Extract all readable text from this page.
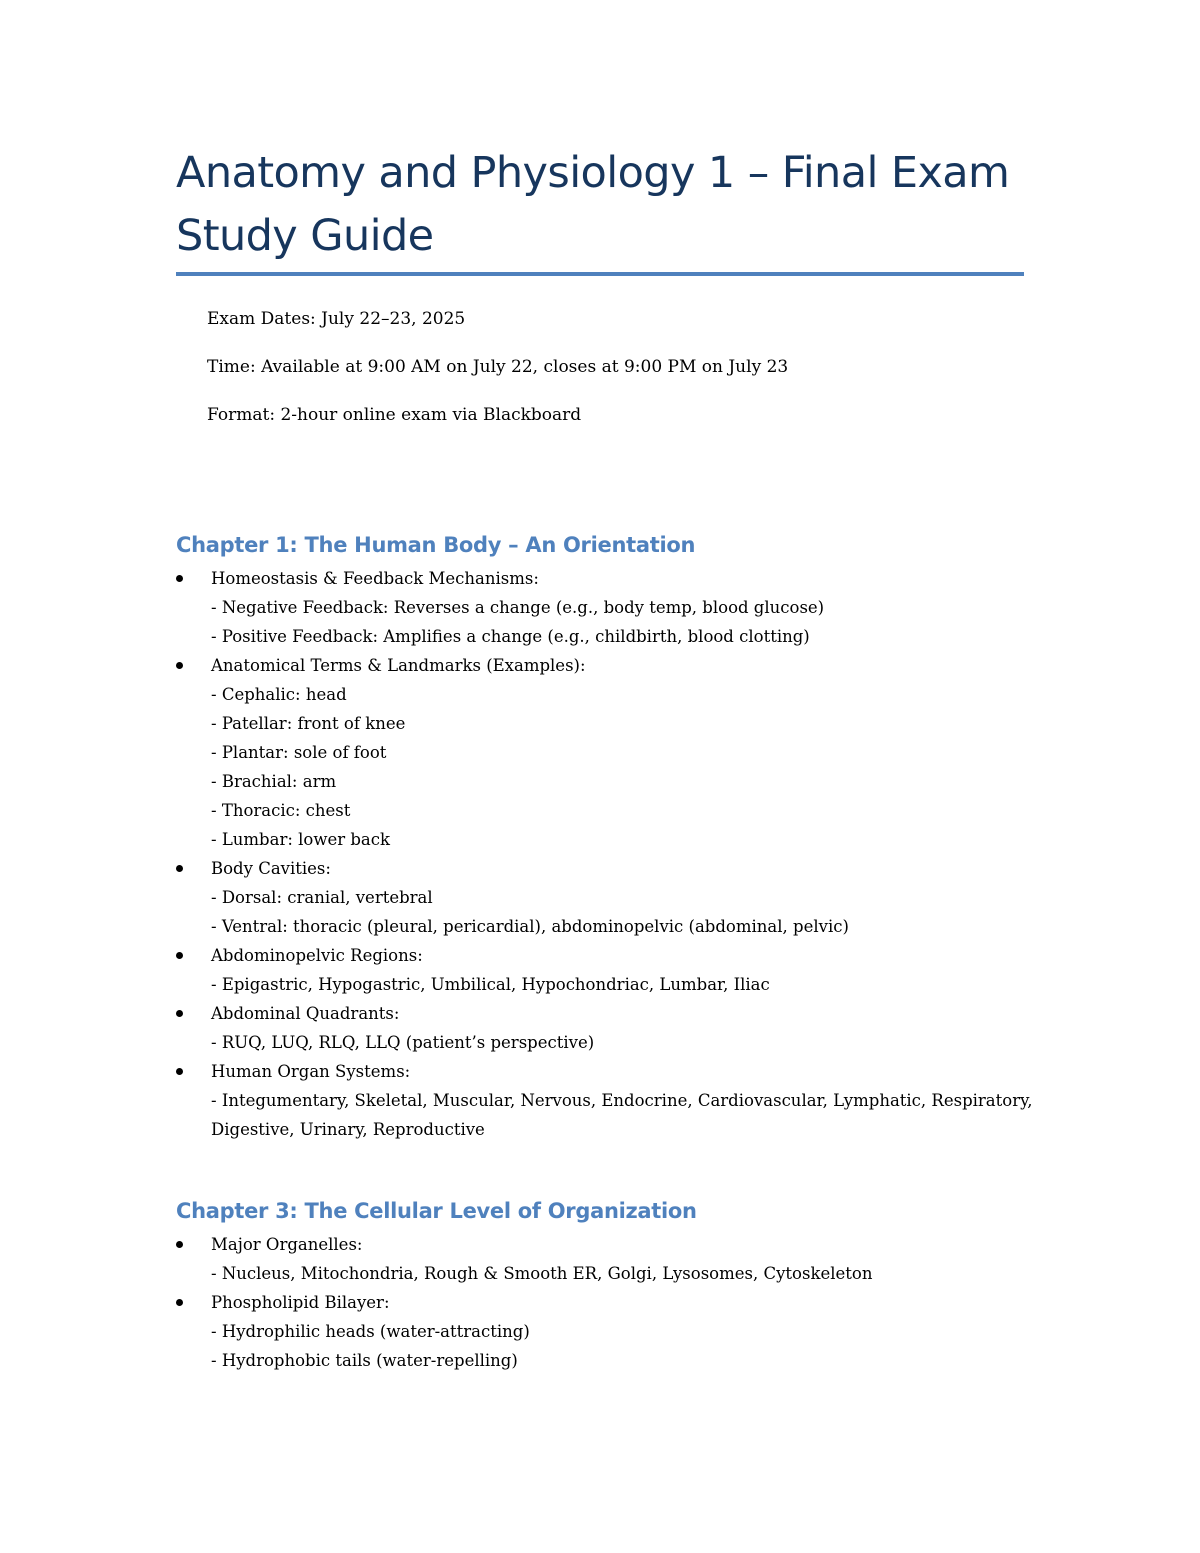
Anatomy and Physiology 1 – Final Exam Study Guide
Exam Dates: July 22–23, 2025
Time: Available at 9:00 AM on July 22, closes at 9:00 PM on July 23
Format: 2-hour online exam via Blackboard
Chapter 1: The Human Body – An Orientation
Homeostasis & Feedback Mechanisms:
- Negative Feedback: Reverses a change (e.g., body temp, blood glucose)
- Positive Feedback: Amplifies a change (e.g., childbirth, blood clotting)
Anatomical Terms & Landmarks (Examples):
- Cephalic: head
- Patellar: front of knee
- Plantar: sole of foot
- Brachial: arm
- Thoracic: chest
- Lumbar: lower back
Body Cavities:
- Dorsal: cranial, vertebral
- Ventral: thoracic (pleural, pericardial), abdominopelvic (abdominal, pelvic)
Abdominopelvic Regions:
- Epigastric, Hypogastric, Umbilical, Hypochondriac, Lumbar, Iliac
Abdominal Quadrants:
- RUQ, LUQ, RLQ, LLQ (patient’s perspective)
Human Organ Systems:
- Integumentary, Skeletal, Muscular, Nervous, Endocrine, Cardiovascular, Lymphatic, Respiratory, Digestive, Urinary, Reproductive
Chapter 3: The Cellular Level of Organization
Major Organelles:
- Nucleus, Mitochondria, Rough & Smooth ER, Golgi, Lysosomes, Cytoskeleton
Phospholipid Bilayer:
- Hydrophilic heads (water-attracting)
- Hydrophobic tails (water-repelling)
